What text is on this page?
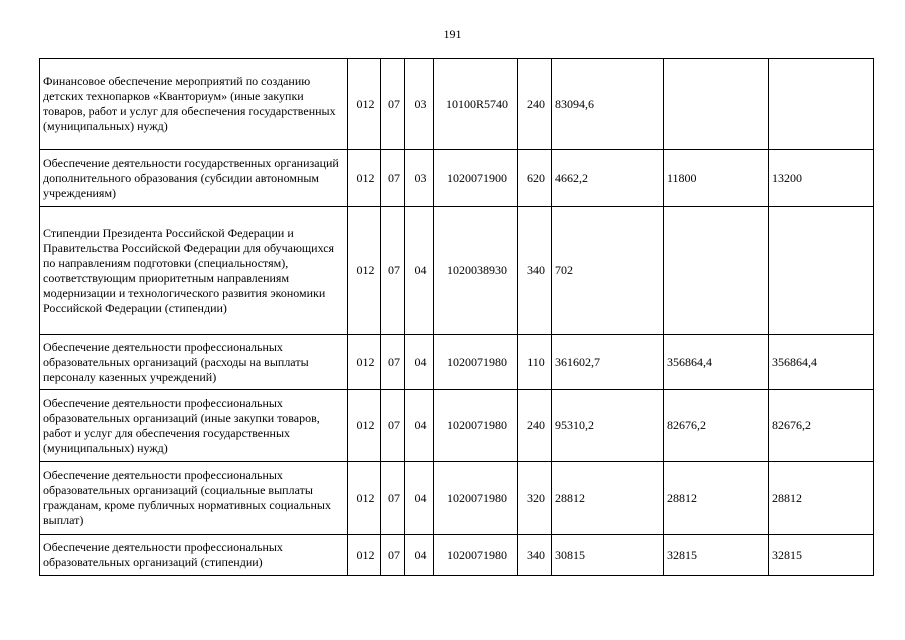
191
Финансовое обеспечение мероприятий по созданию детских технопарков «Кванториум» (иные закупки товаров, работ и услуг для обеспечения государственных (муниципальных) нужд)	012	07	03	10100R5740	240	83094,6		
Обеспечение деятельности государственных организаций дополнительного образования (субсидии автономным учреждениям)	012	07	03	1020071900	620	4662,2	11800	13200
Стипендии Президента Российской Федерации и Правительства Российской Федерации для обучающихся по направлениям подготовки (специальностям), соответствующим приоритетным направлениям модернизации и технологического развития экономики Российской Федерации (стипендии)	012	07	04	1020038930	340	702		
Обеспечение деятельности профессиональных образовательных организаций (расходы на выплаты персоналу казенных учреждений)	012	07	04	1020071980	110	361602,7	356864,4	356864,4
Обеспечение деятельности профессиональных образовательных организаций (иные закупки товаров, работ и услуг для обеспечения государственных (муниципальных) нужд)	012	07	04	1020071980	240	95310,2	82676,2	82676,2
Обеспечение деятельности профессиональных образовательных организаций (социальные выплаты гражданам, кроме публичных нормативных социальных выплат)	012	07	04	1020071980	320	28812	28812	28812
Обеспечение деятельности профессиональных образовательных организаций (стипендии)	012	07	04	1020071980	340	30815	32815	32815
